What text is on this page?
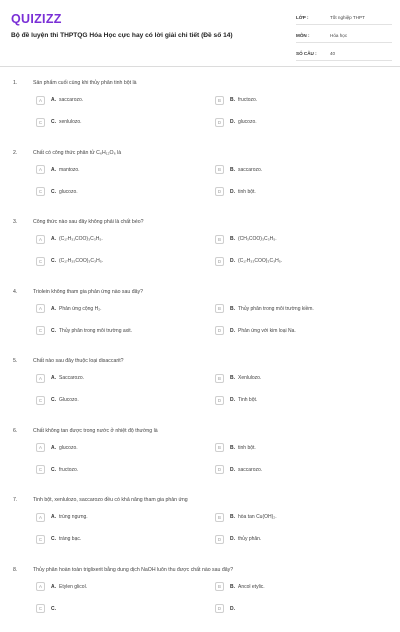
QUIZIZZ
Bộ đề luyện thi THPTQG Hóa Học cực hay có lời giải chi tiết (Đề số 14)
LỚP :	Tốt nghiệp THPT
MÔN :	Hóa học
SỐ CÂU :	40
1.	Sản phẩm cuối cùng khi thủy phân tinh bột là
A	A. saccarozo.	B	B. fructozo.
C	C. xenlulozo.	D	D. glucozo.
2.	Chất có công thức phân tử C₆H₁₂O₆ là
A	A. mantozo.	B	B. saccarozo.
C	C. glucozo.	D	D. tinh bột.
3.	Công thức nào sau đây không phải là chất béo?
A	A. (C₁₇H₃₁COO)₃C₃H₅.	B	B. (CH₃COO)₃C₃H₅.
C	C. (C₁₇H₃₅COO)₃C₃H₅.	D	D. (C₁₇H₃₃COO)₃C₃H₅.
4.	Triolein không tham gia phản ứng nào sau đây?
A	A. Phản ứng cộng H₂.	B	B. Thủy phân trong môi trường kiềm.
C	C. Thủy phân trong môi trường axit.	D	D. Phản ứng với kim loại Na.
5.	Chất nào sau đây thuộc loại disaccarit?
A	A. Saccarozo.	B	B. Xenlulozo.
C	C. Glucozo.	D	D. Tinh bột.
6.	Chất không tan được trong nước ở nhiệt độ thường là
A	A. glucozo.	B	B. tinh bột.
C	C. fructozo.	D	D. saccarozo.
7.	Tinh bột, xenlulozo, saccarozo đều có khả năng tham gia phản ứng
A	A. trùng ngưng.	B	B. hòa tan Cu(OH)₂.
C	C. tráng bạc.	D	D. thủy phân.
8.	Thủy phân hoàn toàn triglixerit bằng dung dịch NaOH luôn thu được chất nào sau đây?
A	A. Etylen glicol.	B	B. Ancol etylic.
C	C.	D	D.
